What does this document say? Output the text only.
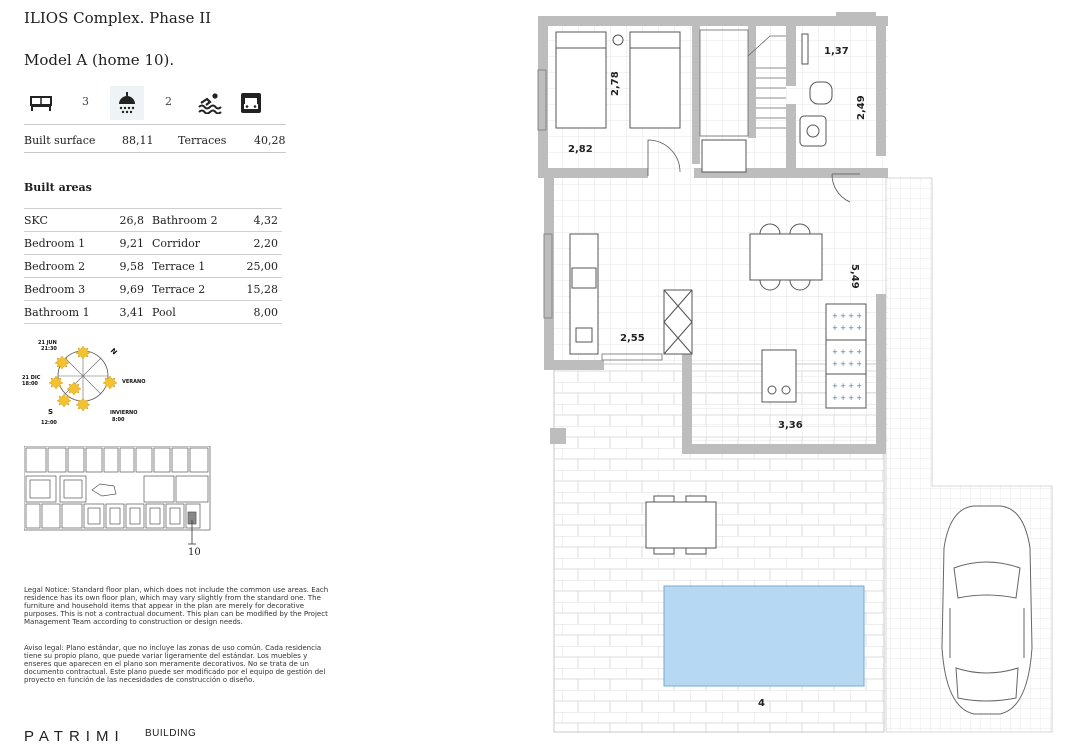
ILIOS Complex. Phase II
Model A (home 10).
3	2
Built surface 88,11 Terraces	40,28
Built areas
SKC	26,8	Bathroom 2	4,32
Bedroom 1	9,21	Corridor	2,20
Bedroom 2	9,58	Terrace 1	25,00
Bedroom 3	9,69	Terrace 2	15,28
Bathroom 1	3,41	Pool	8,00
21 JUN
21:30
21 DIC
18:00	VERANO
INVIERNO
8:00
S
12:00
N
10
Legal Notice: Standard floor plan, which does not include the common use areas. Each residence has its own floor plan, which may vary slightly from the standard one. The furniture and household items that appear in the plan are merely for decorative purposes. This is not a contractual document. This plan can be modified by the Project Management Team according to construction or design needs.
Aviso legal: Plano estándar, que no incluye las zonas de uso común. Cada residencia tiene su propio plano, que puede variar ligeramente del estándar. Los muebles y enseres que aparecen en el plano son meramente decorativos. No se trata de un documento contractual. Este plano puede ser modificado por el equipo de gestión del proyecto en función de las necesidades de construcción o diseño.
PATRIMI BUILDING
+ + + +
+ + + +
+ + + +
+ + + +
+ + + +
+ + + +
2,78
2,82
1,37
2,49
5,49
2,55
3,36
4
